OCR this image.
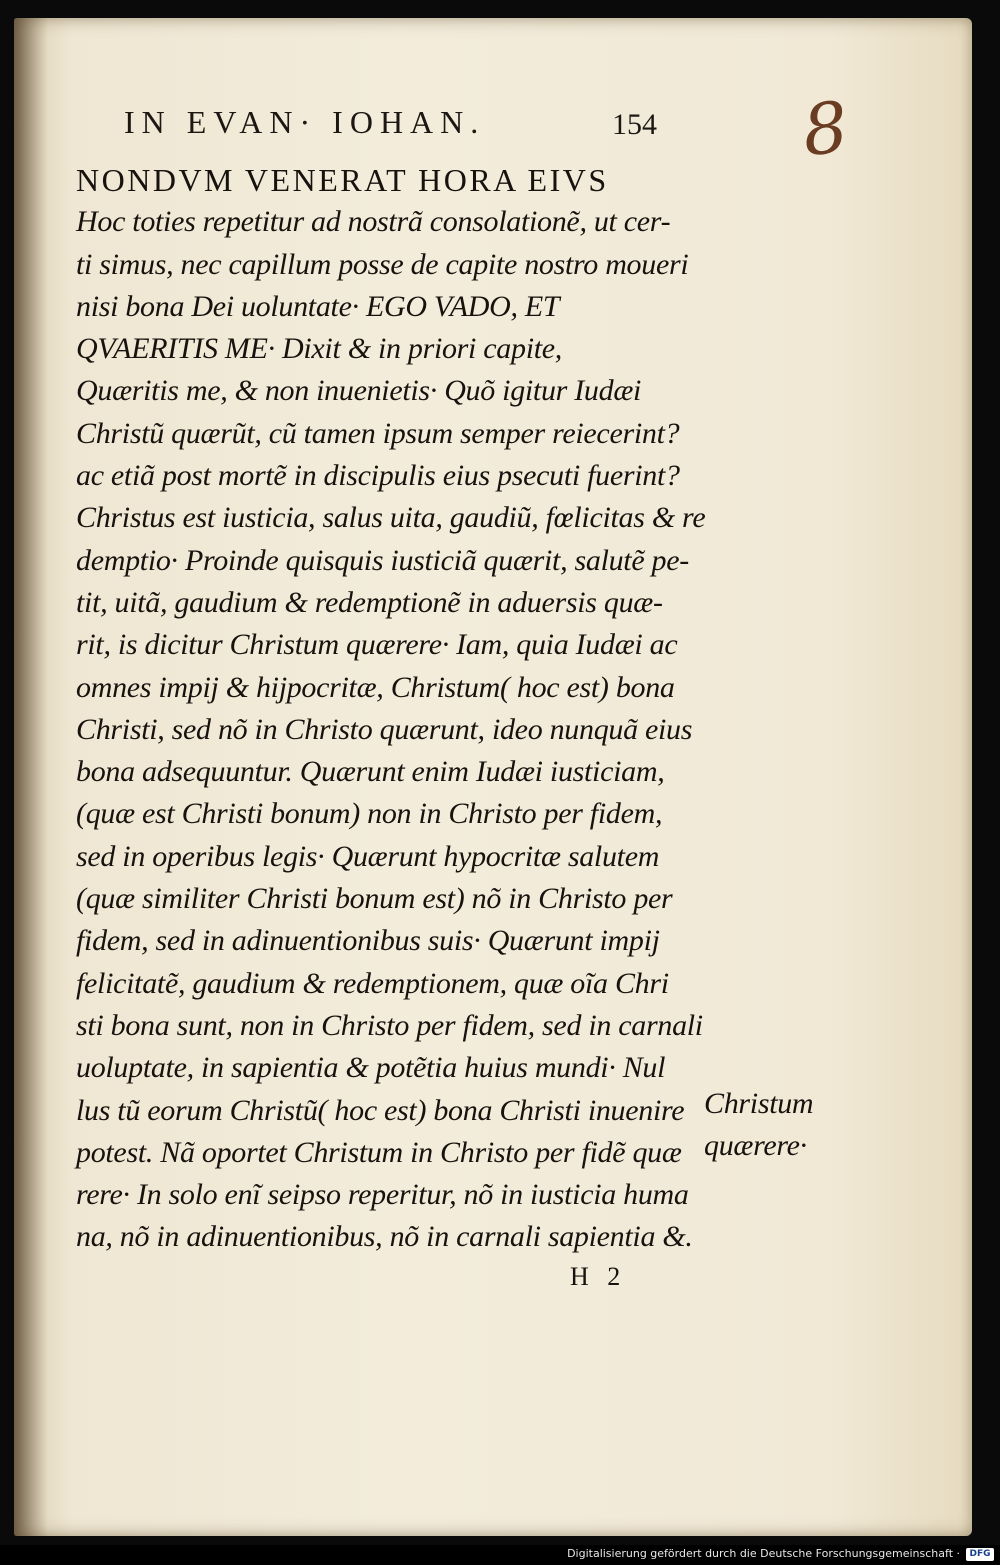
IN EVAN· IOHAN.	154 8
NONDVM VENERAT HORA EIVS
Hoc toties repetitur ad nostrã consolationẽ, ut cer-
ti simus, nec capillum posse de capite nostro moueri
nisi bona Dei uoluntate· EGO VADO, ET
QVAERITIS ME· Dixit & in priori capite,
Quæritis me, & non inuenietis· Quõ igitur Iudæi
Christũ quærũt, cũ tamen ipsum semper reiecerint?
ac etiã post mortẽ in discipulis eius psecuti fuerint?
Christus est iusticia, salus uita, gaudiũ, fœlicitas & re
demptio· Proinde quisquis iusticiã quærit, salutẽ pe-
tit, uitã, gaudium & redemptionẽ in aduersis quæ-
rit, is dicitur Christum quærere· Iam, quia Iudæi ac
omnes impij & hijpocritæ, Christum( hoc est) bona
Christi, sed nõ in Christo quærunt, ideo nunquã eius
bona adsequuntur. Quærunt enim Iudæi iusticiam,
(quæ est Christi bonum) non in Christo per fidem,
sed in operibus legis· Quærunt hypocritæ salutem
(quæ similiter Christi bonum est) nõ in Christo per
fidem, sed in adinuentionibus suis· Quærunt impij
felicitatẽ, gaudium & redemptionem, quæ oĩa Chri
sti bona sunt, non in Christo per fidem, sed in carnali
uoluptate, in sapientia & potẽtia huius mundi· Nul
lus tũ eorum Christũ( hoc est) bona Christi inuenire
potest. Nã oportet Christum in Christo per fidẽ quæ
rere· In solo enĩ seipso reperitur, nõ in iusticia huma
na, nõ in adinuentionibus, nõ in carnali sapientia &.
Christum
quærere·
H 2
Digitalisierung gefördert durch die Deutsche Forschungsgemeinschaft ·	DFG
